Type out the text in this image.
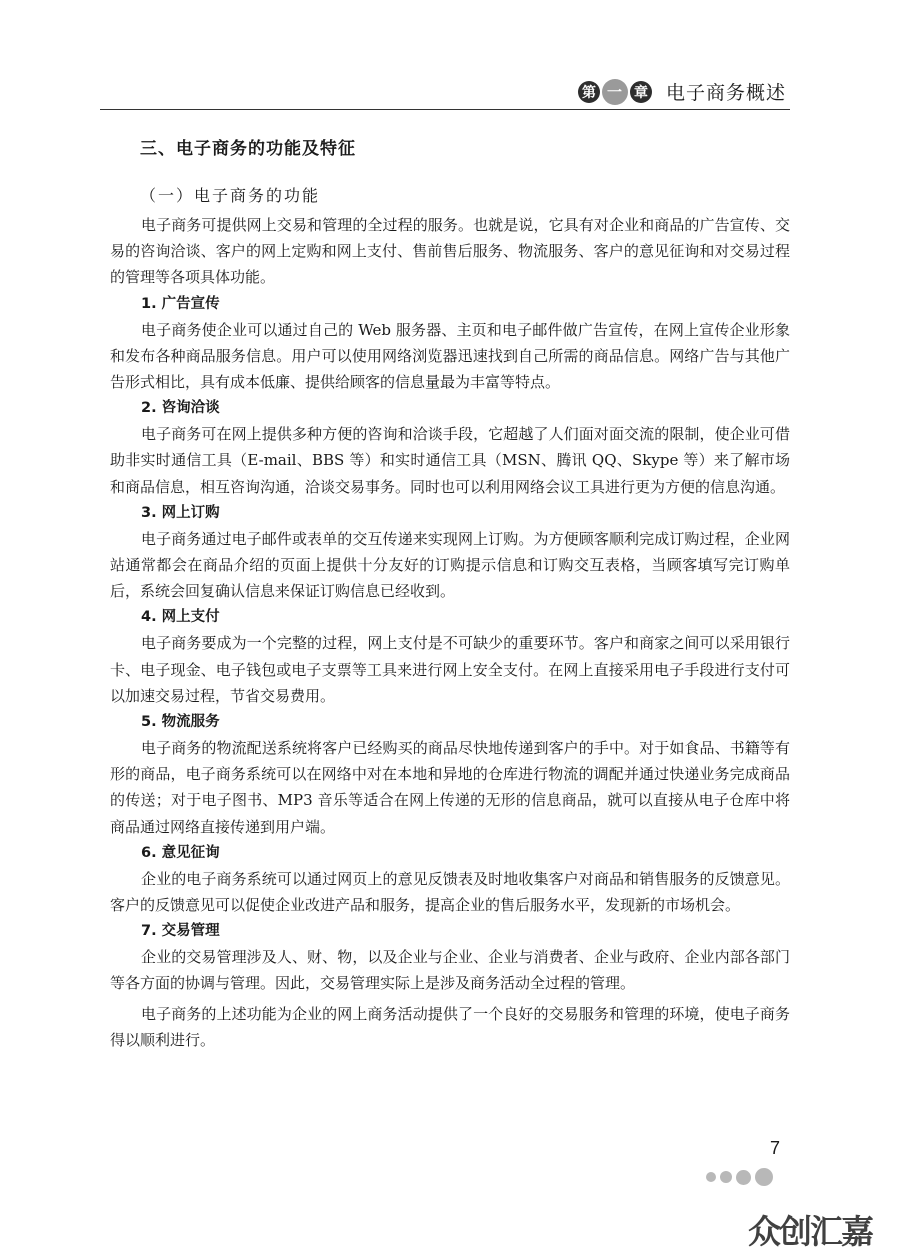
第 一 章 电子商务概述
三、电子商务的功能及特征
（一）电子商务的功能

电子商务可提供网上交易和管理的全过程的服务。也就是说，它具有对企业和商品的广告宣传、交易的咨询洽谈、客户的网上定购和网上支付、售前售后服务、物流服务、客户的意见征询和对交易过程的管理等各项具体功能。

1. 广告宣传

电子商务使企业可以通过自己的 Web 服务器、主页和电子邮件做广告宣传，在网上宣传企业形象和发布各种商品服务信息。用户可以使用网络浏览器迅速找到自己所需的商品信息。网络广告与其他广告形式相比，具有成本低廉、提供给顾客的信息量最为丰富等特点。

2. 咨询洽谈

电子商务可在网上提供多种方便的咨询和洽谈手段，它超越了人们面对面交流的限制，使企业可借助非实时通信工具（E-mail、BBS 等）和实时通信工具（MSN、腾讯 QQ、Skype 等）来了解市场和商品信息，相互咨询沟通，洽谈交易事务。同时也可以利用网络会议工具进行更为方便的信息沟通。

3. 网上订购

电子商务通过电子邮件或表单的交互传递来实现网上订购。为方便顾客顺利完成订购过程，企业网站通常都会在商品介绍的页面上提供十分友好的订购提示信息和订购交互表格，当顾客填写完订购单后，系统会回复确认信息来保证订购信息已经收到。

4. 网上支付

电子商务要成为一个完整的过程，网上支付是不可缺少的重要环节。客户和商家之间可以采用银行卡、电子现金、电子钱包或电子支票等工具来进行网上安全支付。在网上直接采用电子手段进行支付可以加速交易过程，节省交易费用。

5. 物流服务

电子商务的物流配送系统将客户已经购买的商品尽快地传递到客户的手中。对于如食品、书籍等有形的商品，电子商务系统可以在网络中对在本地和异地的仓库进行物流的调配并通过快递业务完成商品的传送；对于电子图书、MP3 音乐等适合在网上传递的无形的信息商品，就可以直接从电子仓库中将商品通过网络直接传递到用户端。

6. 意见征询

企业的电子商务系统可以通过网页上的意见反馈表及时地收集客户对商品和销售服务的反馈意见。客户的反馈意见可以促使企业改进产品和服务，提高企业的售后服务水平，发现新的市场机会。

7. 交易管理

企业的交易管理涉及人、财、物，以及企业与企业、企业与消费者、企业与政府、企业内部各部门等各方面的协调与管理。因此，交易管理实际上是涉及商务活动全过程的管理。

电子商务的上述功能为企业的网上商务活动提供了一个良好的交易服务和管理的环境，使电子商务得以顺利进行。

7
众创汇嘉
